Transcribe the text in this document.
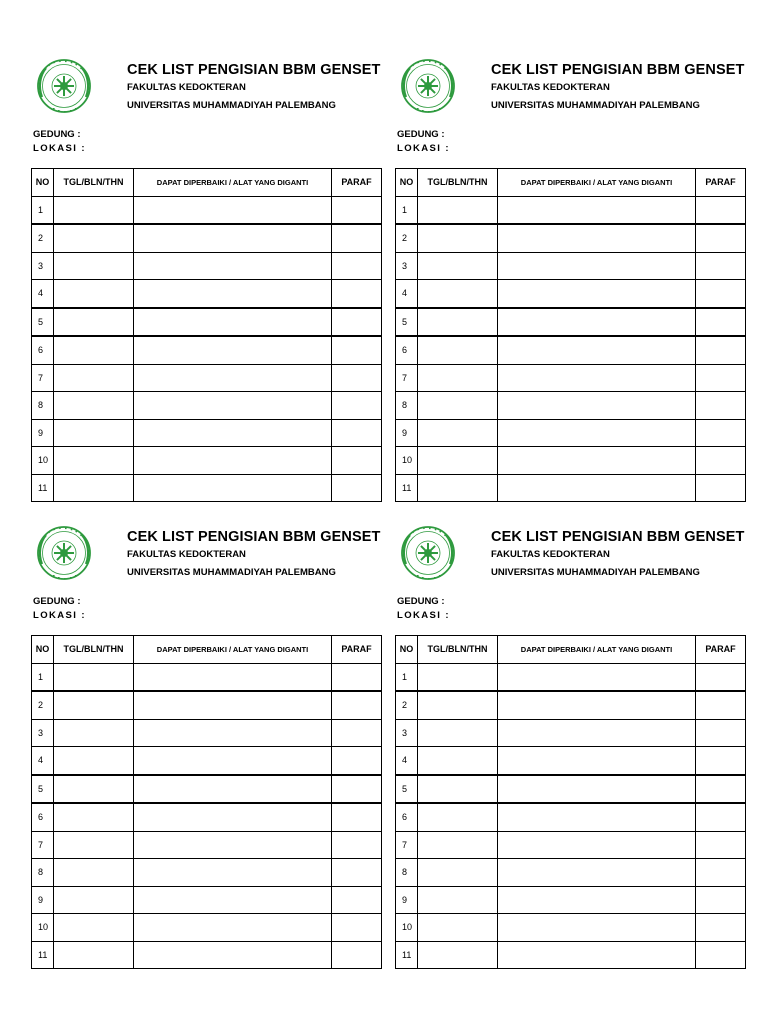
CEK LIST PENGISIAN BBM GENSET
FAKULTAS KEDOKTERAN
UNIVERSITAS MUHAMMADIYAH PALEMBANG
GEDUNG :
LOKASI :
NO	TGL/BLN/THN	DAPAT DIPERBAIKI / ALAT YANG DIGANTI	PARAF
1			
2			
3			
4			
5			
6			
7			
8			
9			
10			
11			
CEK LIST PENGISIAN BBM GENSET
FAKULTAS KEDOKTERAN
UNIVERSITAS MUHAMMADIYAH PALEMBANG
GEDUNG :
LOKASI :
NO	TGL/BLN/THN	DAPAT DIPERBAIKI / ALAT YANG DIGANTI	PARAF
1			
2			
3			
4			
5			
6			
7			
8			
9			
10			
11			
CEK LIST PENGISIAN BBM GENSET
FAKULTAS KEDOKTERAN
UNIVERSITAS MUHAMMADIYAH PALEMBANG
GEDUNG :
LOKASI :
NO	TGL/BLN/THN	DAPAT DIPERBAIKI / ALAT YANG DIGANTI	PARAF
1			
2			
3			
4			
5			
6			
7			
8			
9			
10			
11			
CEK LIST PENGISIAN BBM GENSET
FAKULTAS KEDOKTERAN
UNIVERSITAS MUHAMMADIYAH PALEMBANG
GEDUNG :
LOKASI :
NO	TGL/BLN/THN	DAPAT DIPERBAIKI / ALAT YANG DIGANTI	PARAF
1			
2			
3			
4			
5			
6			
7			
8			
9			
10			
11			
